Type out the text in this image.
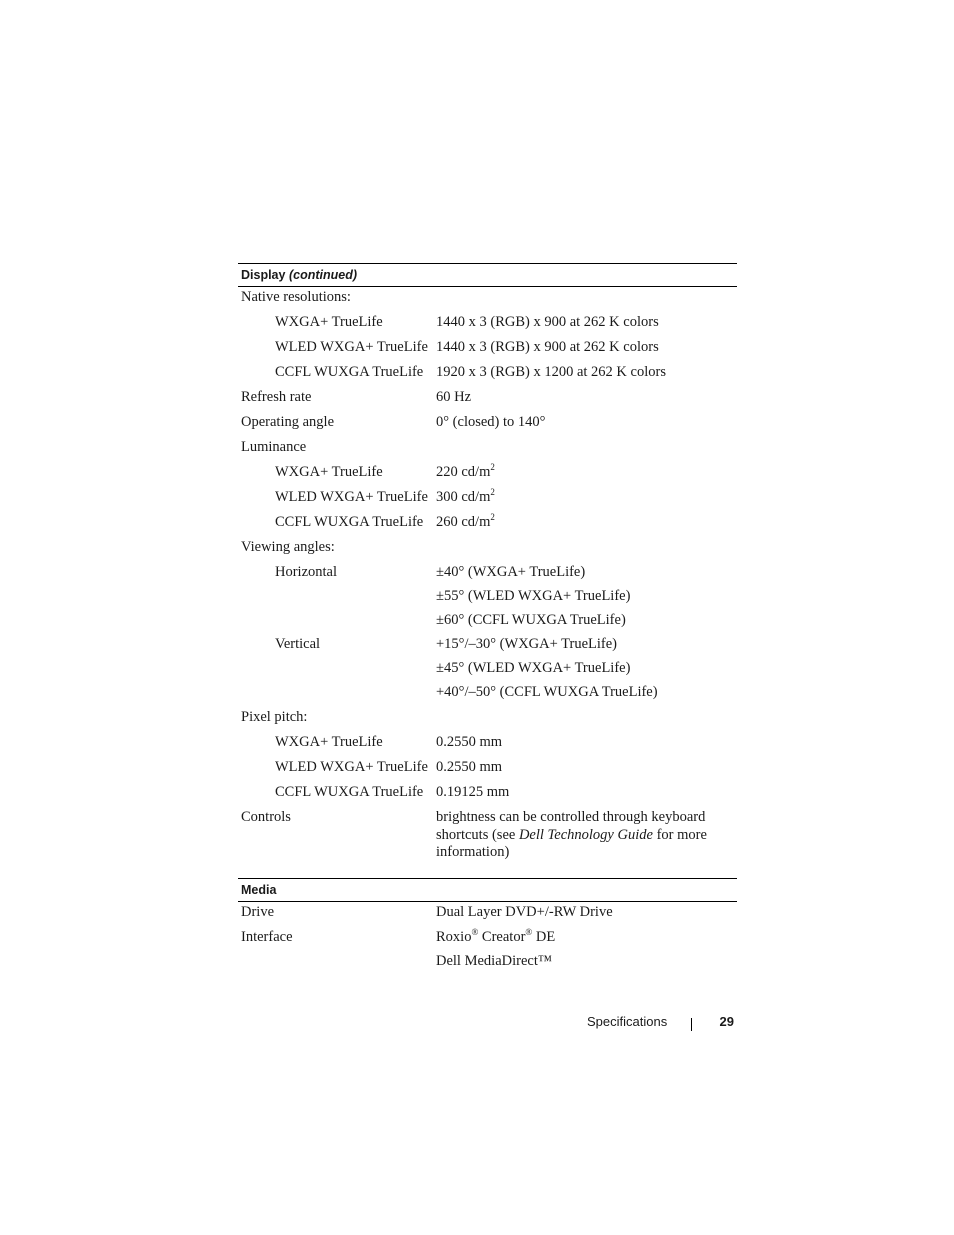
Display (continued)
Native resolutions:
WXGA+ TrueLife	1440 x 3 (RGB) x 900 at 262 K colors
WLED WXGA+ TrueLife 1440 x 3 (RGB) x 900 at 262 K colors
CCFL WUXGA TrueLife 1920 x 3 (RGB) x 1200 at 262 K colors
Refresh rate	60 Hz
Operating angle	0° (closed) to 140°
Luminance
WXGA+ TrueLife	220 $cd/m^2$
WLED WXGA+ TrueLife 300 $cd/m^2$
CCFL WUXGA TrueLife 260 $cd/m^2$
Viewing angles:
Horizontal	±40° (WXGA+ TrueLife)
±55° (WLED WXGA+ TrueLife)
±60° (CCFL WUXGA TrueLife)
Vertical	+15°/–30° (WXGA+ TrueLife)
±45° (WLED WXGA+ TrueLife)
+40°/–50° (CCFL WUXGA TrueLife)
Pixel pitch:
WXGA+ TrueLife	0.2550 mm
WLED WXGA+ TrueLife 0.2550 mm
CCFL WUXGA TrueLife 0.19125 mm
Controls	brightness can be controlled through keyboard shortcuts (see Dell Technology Guide for more information)
Media
Drive	Dual Layer DVD+/-RW Drive
Interface	Roxio® Creator® DE
Dell MediaDirect™
Specifications	29
